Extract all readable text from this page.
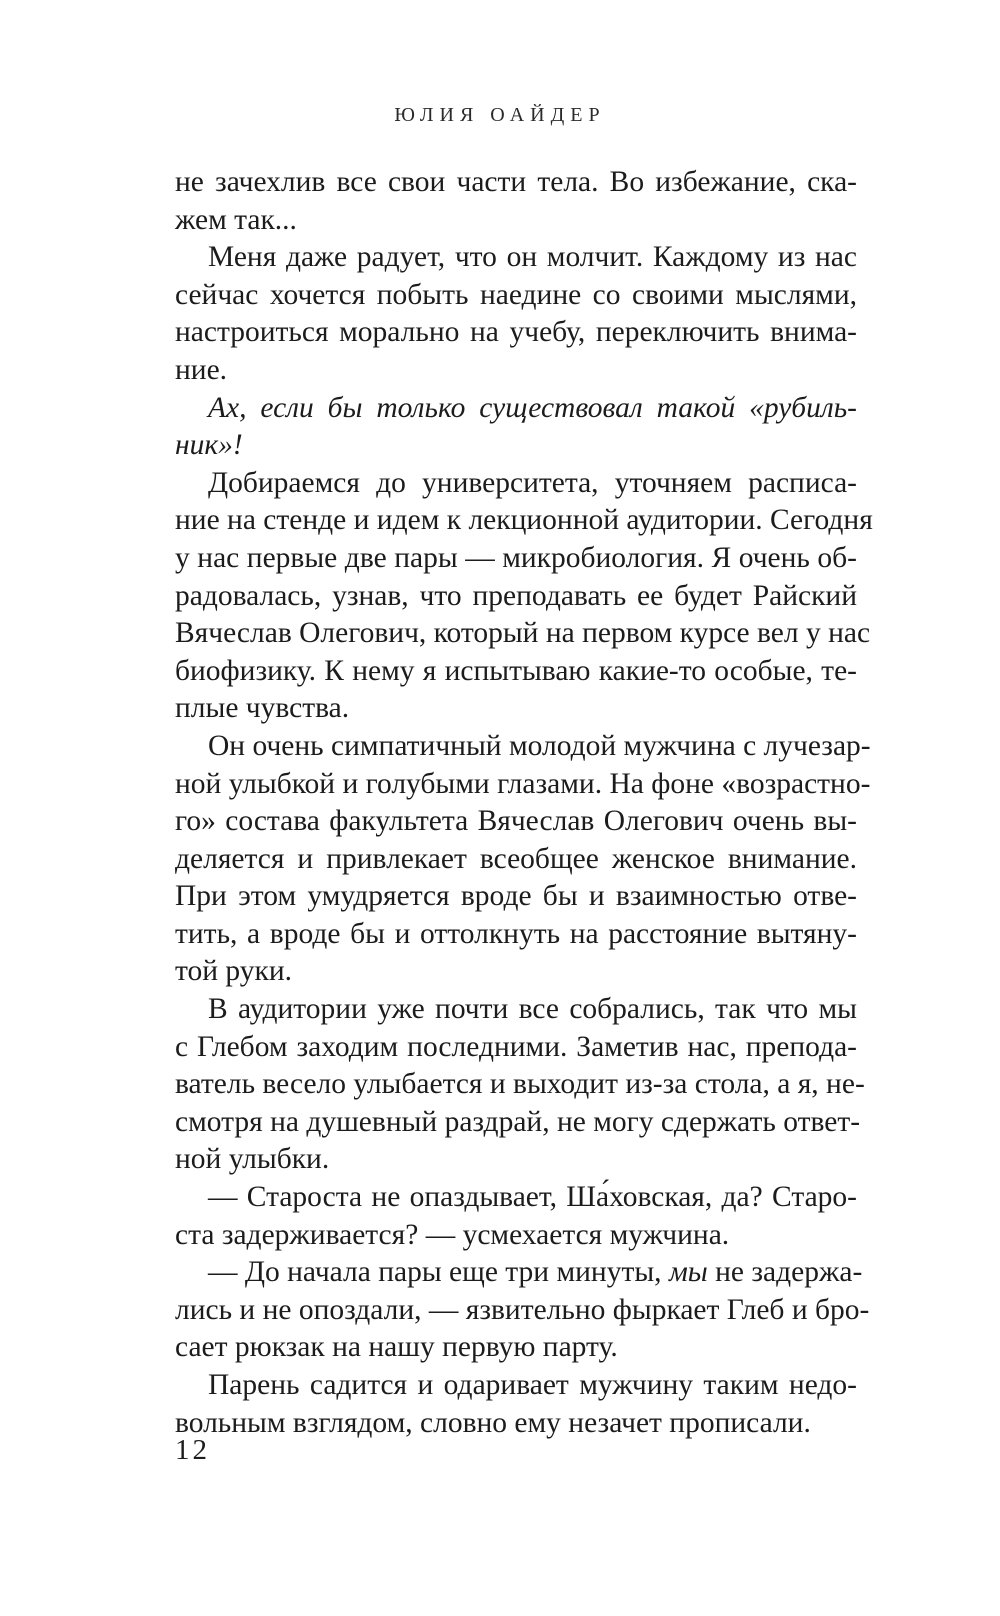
ЮЛИЯ ОАЙДЕР
не зачехлив все свои части тела. Во избежание, ска-
жем так...
Меня даже радует, что он молчит. Каждому из нас
сейчас хочется побыть наедине со своими мыслями,
настроиться морально на учебу, переключить внима-
ние.
Ах, если бы только существовал такой «рубиль-
ник»!
Добираемся до университета, уточняем расписа-
ние на стенде и идем к лекционной аудитории. Сегодня
у нас первые две пары — микробиология. Я очень об-
радовалась, узнав, что преподавать ее будет Райский
Вячеслав Олегович, который на первом курсе вел у нас
биофизику. К нему я испытываю какие-то особые, те-
плые чувства.
Он очень симпатичный молодой мужчина с лучезар-
ной улыбкой и голубыми глазами. На фоне «возрастно-
го» состава факультета Вячеслав Олегович очень вы-
деляется и привлекает всеобщее женское внимание.
При этом умудряется вроде бы и взаимностью отве-
тить, а вроде бы и оттолкнуть на расстояние вытяну-
той руки.
В аудитории уже почти все собрались, так что мы
с Глебом заходим последними. Заметив нас, препода-
ватель весело улыбается и выходит из-за стола, а я, не-
смотря на душевный раздрай, не могу сдержать ответ-
ной улыбки.
— Староста не опаздывает, Ша́ховская, да? Старо-
ста задерживается? — усмехается мужчина.
— До начала пары еще три минуты, мы не задержа-
лись и не опоздали, — язвительно фыркает Глеб и бро-
сает рюкзак на нашу первую парту.
Парень садится и одаривает мужчину таким недо-
вольным взглядом, словно ему незачет прописали.
12
